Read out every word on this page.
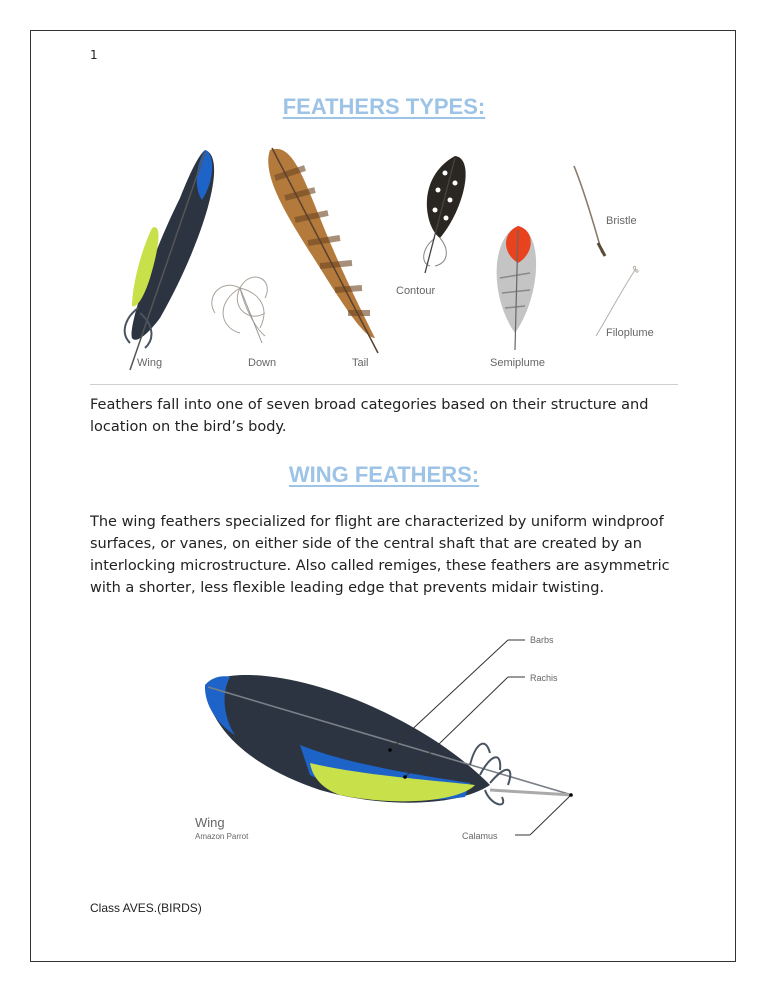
1
FEATHERS TYPES:
Wing	Down	Tail
Contour
Semiplume
Bristle
Filoplume
Feathers fall into one of seven broad categories based on their structure and location on the bird’s body.
WING FEATHERS:
The wing feathers specialized for flight are characterized by uniform windproof surfaces, or vanes, on either side of the central shaft that are created by an interlocking microstructure. Also called remiges, these feathers are asymmetric with a shorter, less flexible leading edge that prevents midair twisting.
Barbs
Rachis
Calamus
Wing
Amazon Parrot
Class AVES.(BIRDS)
